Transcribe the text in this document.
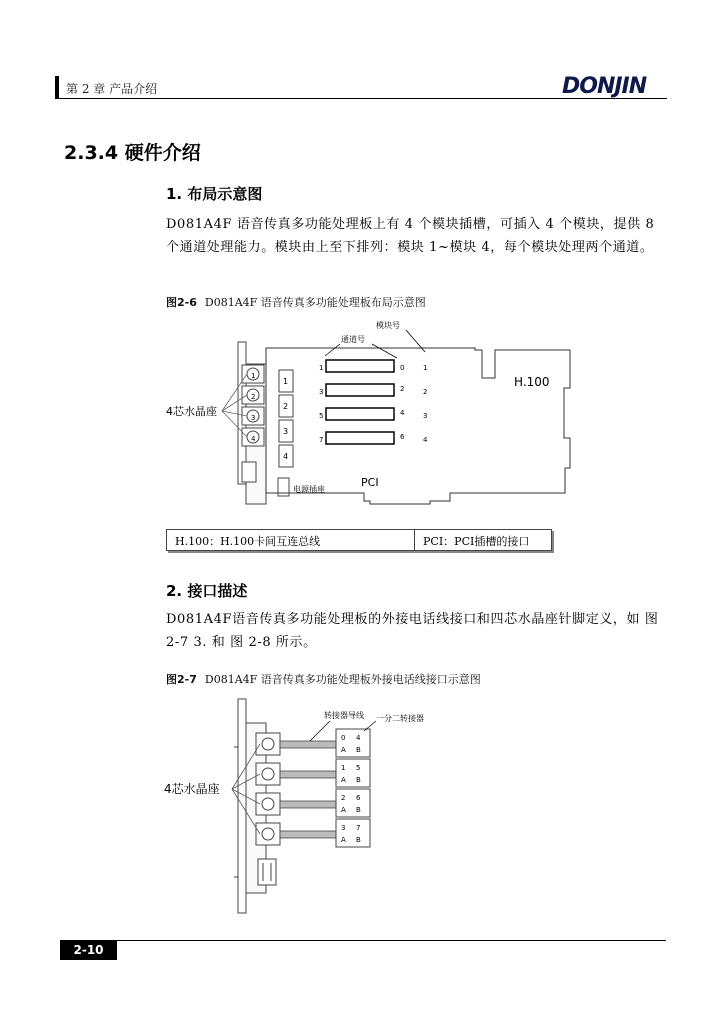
第 2 章 产品介绍	DONJIN
2.3.4 硬件介绍
1. 布局示意图
D081A4F 语音传真多功能处理板上有 4 个模块插槽，可插入 4 个模块，提供 8 个通道处理能力。模块由上至下排列：模块 1~模块 4，每个模块处理两个通道。
图2-6 D081A4F 语音传真多功能处理板布局示意图
1
2
3
4
4芯水晶座
1
2
3
4
1
3
5
7
0
2
4
6
1
2
3
4
模块号
通道号
H.100
电源插座
PCI
H.100：H.100卡间互连总线	PCI：PCI插槽的接口
2. 接口描述
D081A4F语音传真多功能处理板的外接电话线接口和四芯水晶座针脚定义，如 图 2-7 3. 和 图 2-8 所示。
图2-7 D081A4F 语音传真多功能处理板外接电话线接口示意图
0 4
1 5
2 6
3 7
A B
A B
A B
A B
转接器导线 一分二转接器
4芯水晶座
2-10
